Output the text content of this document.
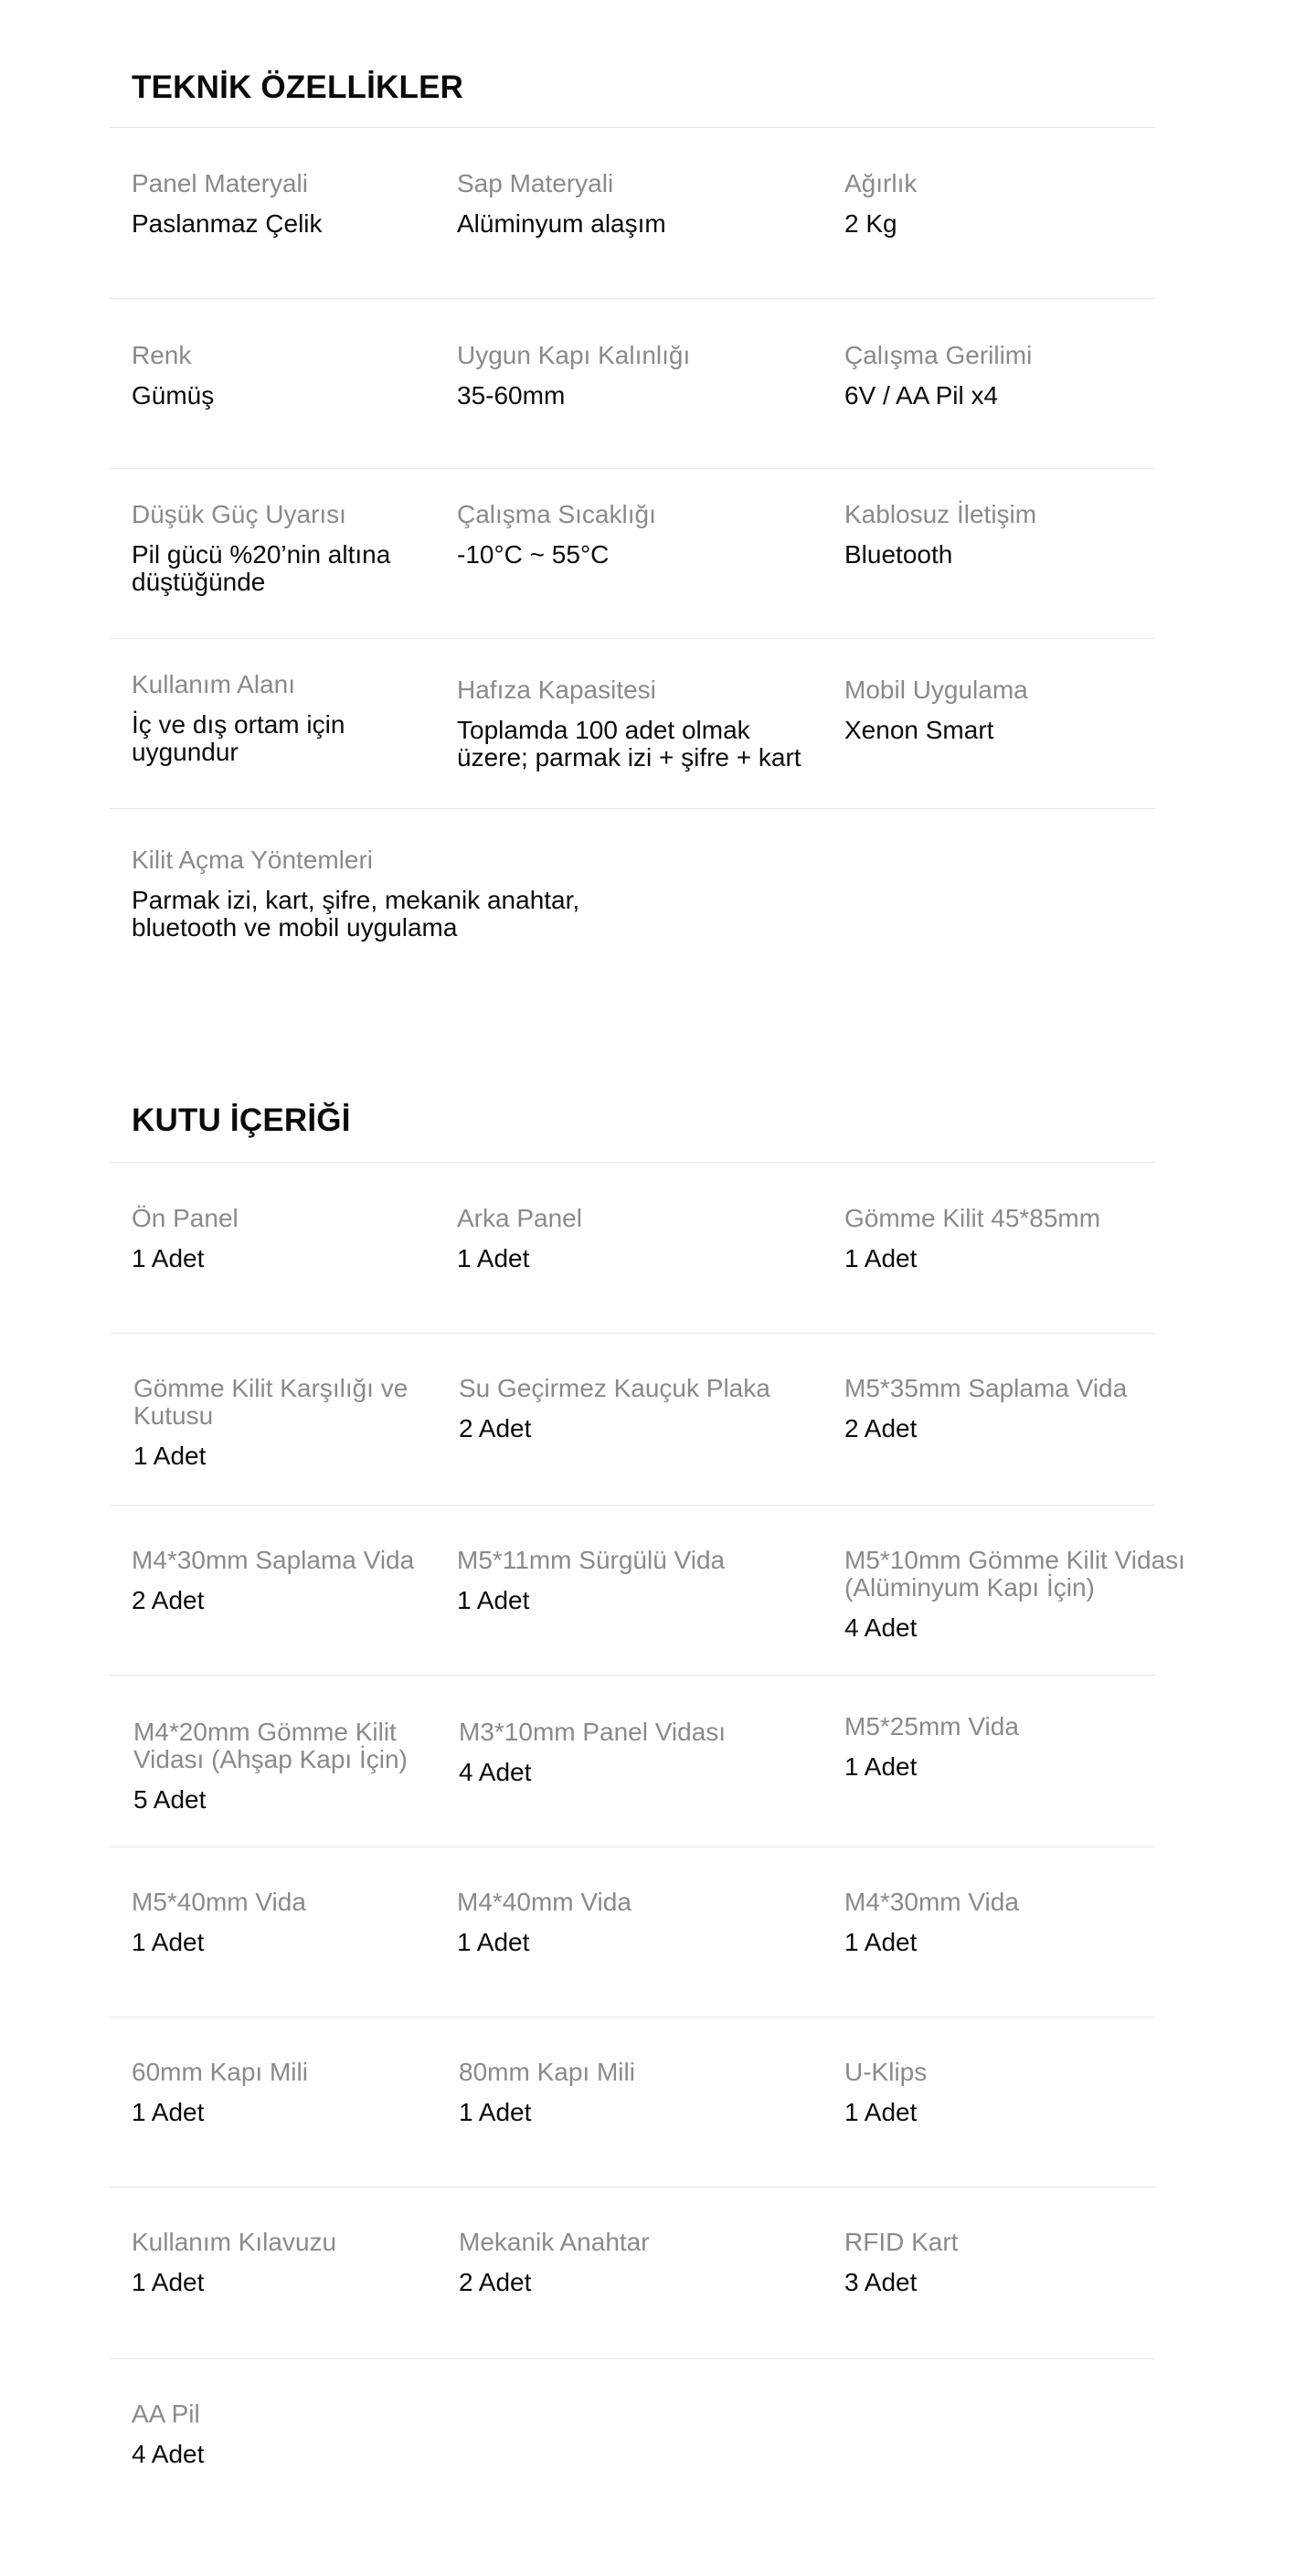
TEKNİK ÖZELLİKLER
Panel Materyali
Paslanmaz Çelik
Sap Materyali
Alüminyum alaşım
Ağırlık
2 Kg
Renk
Gümüş
Uygun Kapı Kalınlığı
35-60mm
Çalışma Gerilimi
6V / AA Pil x4
Düşük Güç Uyarısı
Pil gücü %20’nin altına düştüğünde
Çalışma Sıcaklığı
-10°C ~ 55°C
Kablosuz İletişim
Bluetooth
Kullanım Alanı
İç ve dış ortam için uygundur
Hafıza Kapasitesi
Toplamda 100 adet olmak üzere; parmak izi + şifre + kart
Mobil Uygulama
Xenon Smart
Kilit Açma Yöntemleri
Parmak izi, kart, şifre, mekanik anahtar, bluetooth ve mobil uygulama
KUTU İÇERİĞİ
Ön Panel
1 Adet
Arka Panel
1 Adet
Gömme Kilit 45*85mm
1 Adet
Gömme Kilit Karşılığı ve Kutusu
1 Adet
Su Geçirmez Kauçuk Plaka
2 Adet
M5*35mm Saplama Vida
2 Adet
M4*30mm Saplama Vida
2 Adet
M5*11mm Sürgülü Vida
1 Adet
M5*10mm Gömme Kilit Vidası (Alüminyum Kapı İçin)
4 Adet
M4*20mm Gömme Kilit Vidası (Ahşap Kapı İçin)
5 Adet
M3*10mm Panel Vidası
4 Adet
M5*25mm Vida
1 Adet
M5*40mm Vida
1 Adet
M4*40mm Vida
1 Adet
M4*30mm Vida
1 Adet
60mm Kapı Mili
1 Adet
80mm Kapı Mili
1 Adet
U-Klips
1 Adet
Kullanım Kılavuzu
1 Adet
Mekanik Anahtar
2 Adet
RFID Kart
3 Adet
AA Pil
4 Adet
